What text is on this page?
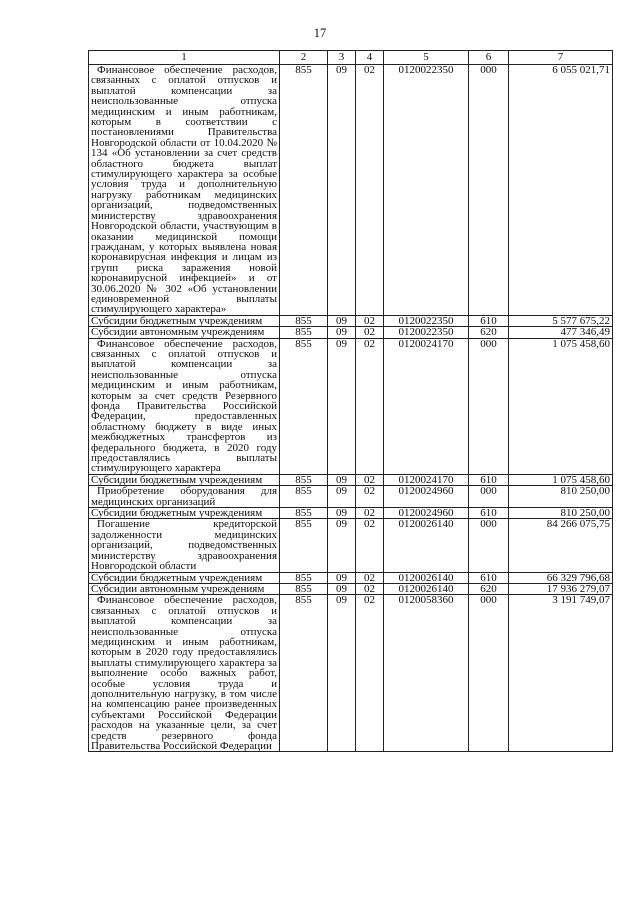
17
1	2	3	4	5	6	7
Финансовое обеспечение расходов, связанных с оплатой отпусков и выплатой компенсации за неиспользованные отпуска медицинским и иным работникам, которым в соответствии с постановлениями Правительства Новгородской области от 10.04.2020 № 134 «Об установлении за счет средств областного бюджета выплат стимулирующего характера за особые условия труда и дополнительную нагрузку работникам медицинских организаций, подведомственных министерству здравоохранения Новгородской области, участвующим в оказании медицинской помощи гражданам, у которых выявлена новая коронавирусная инфекция и лицам из групп риска заражения новой коронавирусной инфекцией» и от 30.06.2020 № 302 «Об установлении единовременной выплаты стимулирующего характера»	855	09	02	0120022350	000	6 055 021,71
Субсидии бюджетным учреждениям	855	09	02	0120022350	610	5 577 675,22
Субсидии автономным учреждениям	855	09	02	0120022350	620	477 346,49
Финансовое обеспечение расходов, связанных с оплатой отпусков и выплатой компенсации за неиспользованные отпуска медицинским и иным работникам, которым за счет средств Резервного фонда Правительства Российской Федерации, предоставленных областному бюджету в виде иных межбюджетных трансфертов из федерального бюджета, в 2020 году предоставлялись выплаты стимулирующего характера	855	09	02	0120024170	000	1 075 458,60
Субсидии бюджетным учреждениям	855	09	02	0120024170	610	1 075 458,60
Приобретение оборудования для медицинских организаций	855	09	02	0120024960	000	810 250,00
Субсидии бюджетным учреждениям	855	09	02	0120024960	610	810 250,00
Погашение кредиторской задолженности медицинских организаций, подведомственных министерству здравоохранения Новгородской области	855	09	02	0120026140	000	84 266 075,75
Субсидии бюджетным учреждениям	855	09	02	0120026140	610	66 329 796,68
Субсидии автономным учреждениям	855	09	02	0120026140	620	17 936 279,07
Финансовое обеспечение расходов, связанных с оплатой отпусков и выплатой компенсации за неиспользованные отпуска медицинским и иным работникам, которым в 2020 году предоставлялись выплаты стимулирующего характера за выполнение особо важных работ, особые условия труда и дополнительную нагрузку, в том числе на компенсацию ранее произведенных субъектами Российской Федерации расходов на указанные цели, за счет средств резервного фонда Правительства Российской Федерации	855	09	02	0120058360	000	3 191 749,07
